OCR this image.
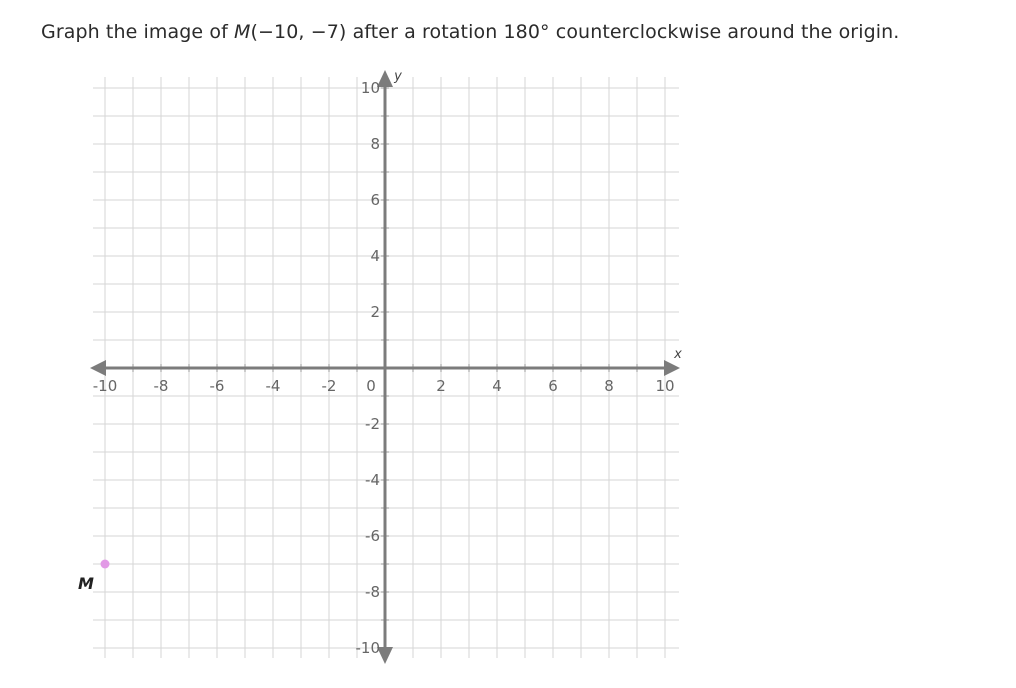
Graph the image of M(−10, −7) after a rotation 180° counterclockwise around the origin.
-10 -8	-6	-4	-2 0	2	4	6	8	10
10
8
6
4
2
-2
-4
-6
-8
-10
x
y
M
